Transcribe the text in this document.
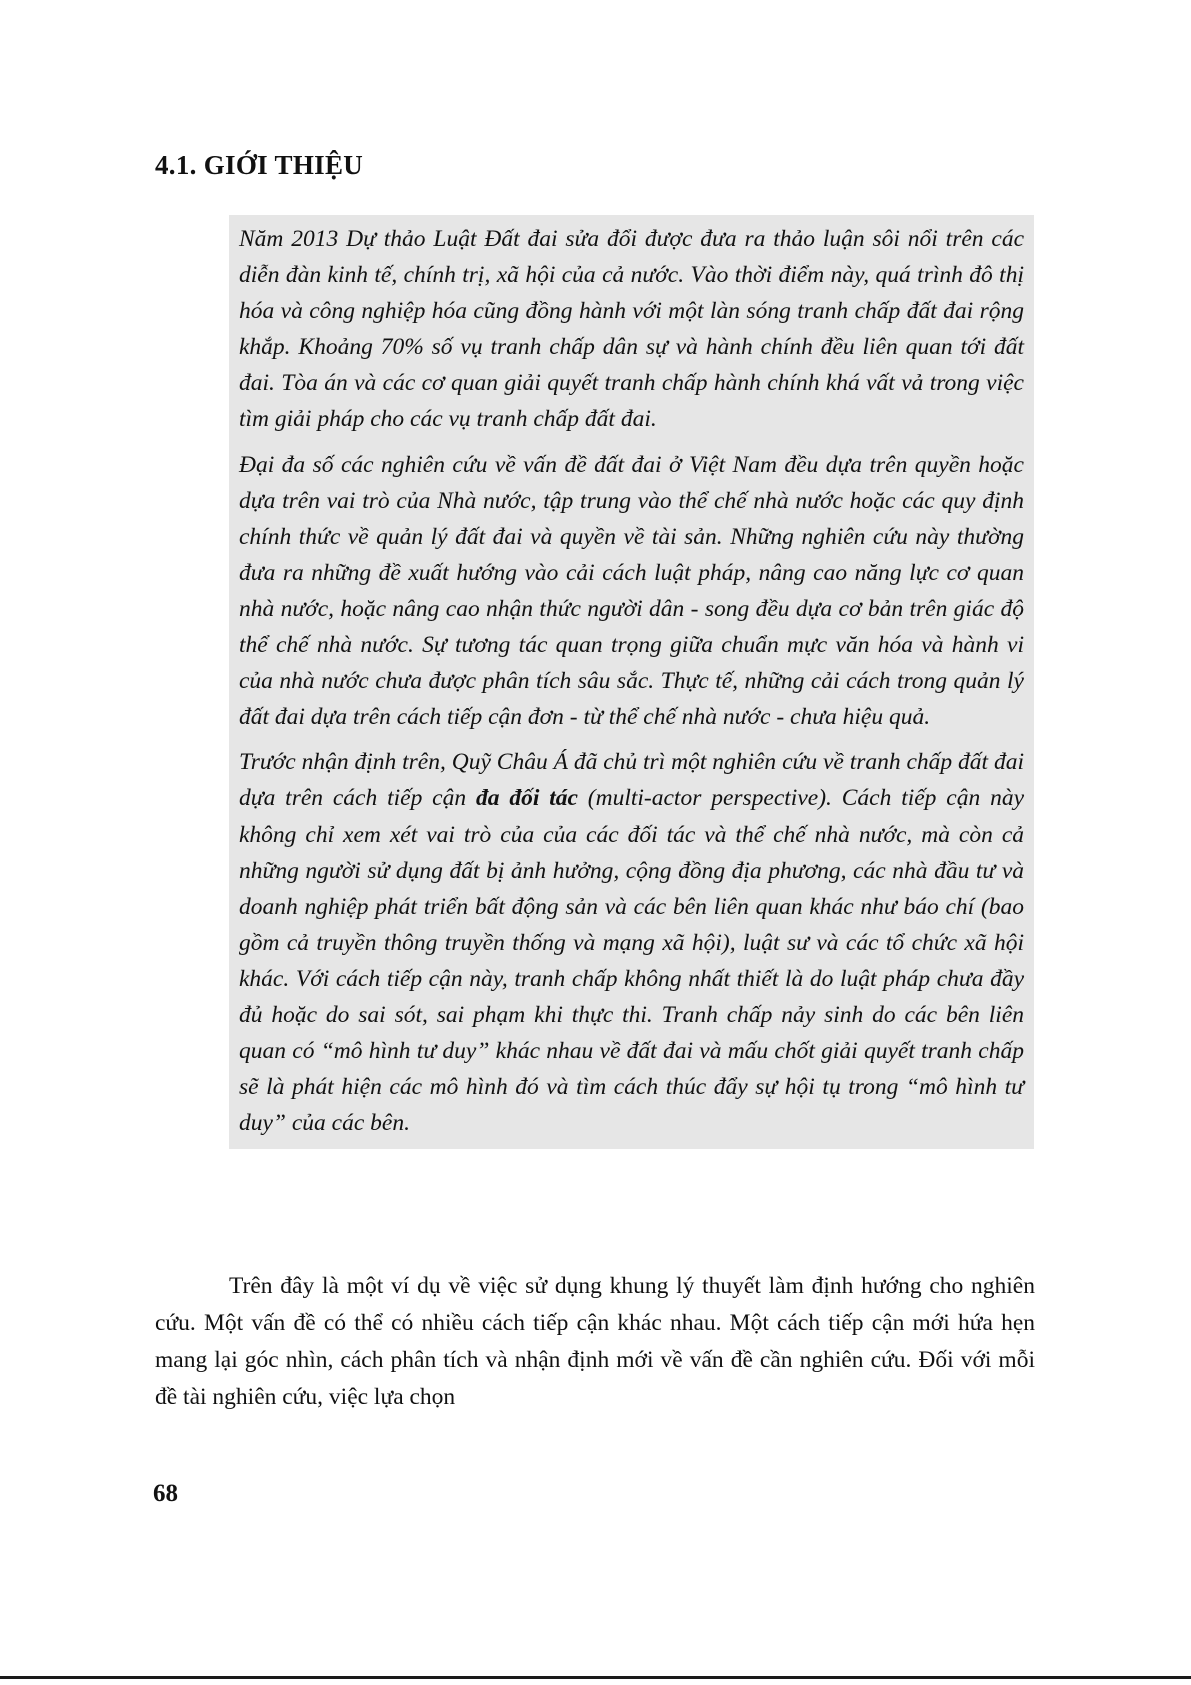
4.1. GIỚI THIỆU

Năm 2013 Dự thảo Luật Đất đai sửa đổi được đưa ra thảo luận sôi nổi trên các diễn đàn kinh tế, chính trị, xã hội của cả nước. Vào thời điểm này, quá trình đô thị hóa và công nghiệp hóa cũng đồng hành với một làn sóng tranh chấp đất đai rộng khắp. Khoảng 70% số vụ tranh chấp dân sự và hành chính đều liên quan tới đất đai. Tòa án và các cơ quan giải quyết tranh chấp hành chính khá vất vả trong việc tìm giải pháp cho các vụ tranh chấp đất đai.

Đại đa số các nghiên cứu về vấn đề đất đai ở Việt Nam đều dựa trên quyền hoặc dựa trên vai trò của Nhà nước, tập trung vào thể chế nhà nước hoặc các quy định chính thức về quản lý đất đai và quyền về tài sản. Những nghiên cứu này thường đưa ra những đề xuất hướng vào cải cách luật pháp, nâng cao năng lực cơ quan nhà nước, hoặc nâng cao nhận thức người dân - song đều dựa cơ bản trên giác độ thể chế nhà nước. Sự tương tác quan trọng giữa chuẩn mực văn hóa và hành vi của nhà nước chưa được phân tích sâu sắc. Thực tế, những cải cách trong quản lý đất đai dựa trên cách tiếp cận đơn - từ thể chế nhà nước - chưa hiệu quả.

Trước nhận định trên, Quỹ Châu Á đã chủ trì một nghiên cứu về tranh chấp đất đai dựa trên cách tiếp cận đa đối tác (multi-actor perspective). Cách tiếp cận này không chỉ xem xét vai trò của của các đối tác và thể chế nhà nước, mà còn cả những người sử dụng đất bị ảnh hưởng, cộng đồng địa phương, các nhà đầu tư và doanh nghiệp phát triển bất động sản và các bên liên quan khác như báo chí (bao gồm cả truyền thông truyền thống và mạng xã hội), luật sư và các tổ chức xã hội khác. Với cách tiếp cận này, tranh chấp không nhất thiết là do luật pháp chưa đầy đủ hoặc do sai sót, sai phạm khi thực thi. Tranh chấp nảy sinh do các bên liên quan có “mô hình tư duy” khác nhau về đất đai và mấu chốt giải quyết tranh chấp sẽ là phát hiện các mô hình đó và tìm cách thúc đẩy sự hội tụ trong “mô hình tư duy” của các bên.

Trên đây là một ví dụ về việc sử dụng khung lý thuyết làm định hướng cho nghiên cứu. Một vấn đề có thể có nhiều cách tiếp cận khác nhau. Một cách tiếp cận mới hứa hẹn mang lại góc nhìn, cách phân tích và nhận định mới về vấn đề cần nghiên cứu. Đối với mỗi đề tài nghiên cứu, việc lựa chọn

68
